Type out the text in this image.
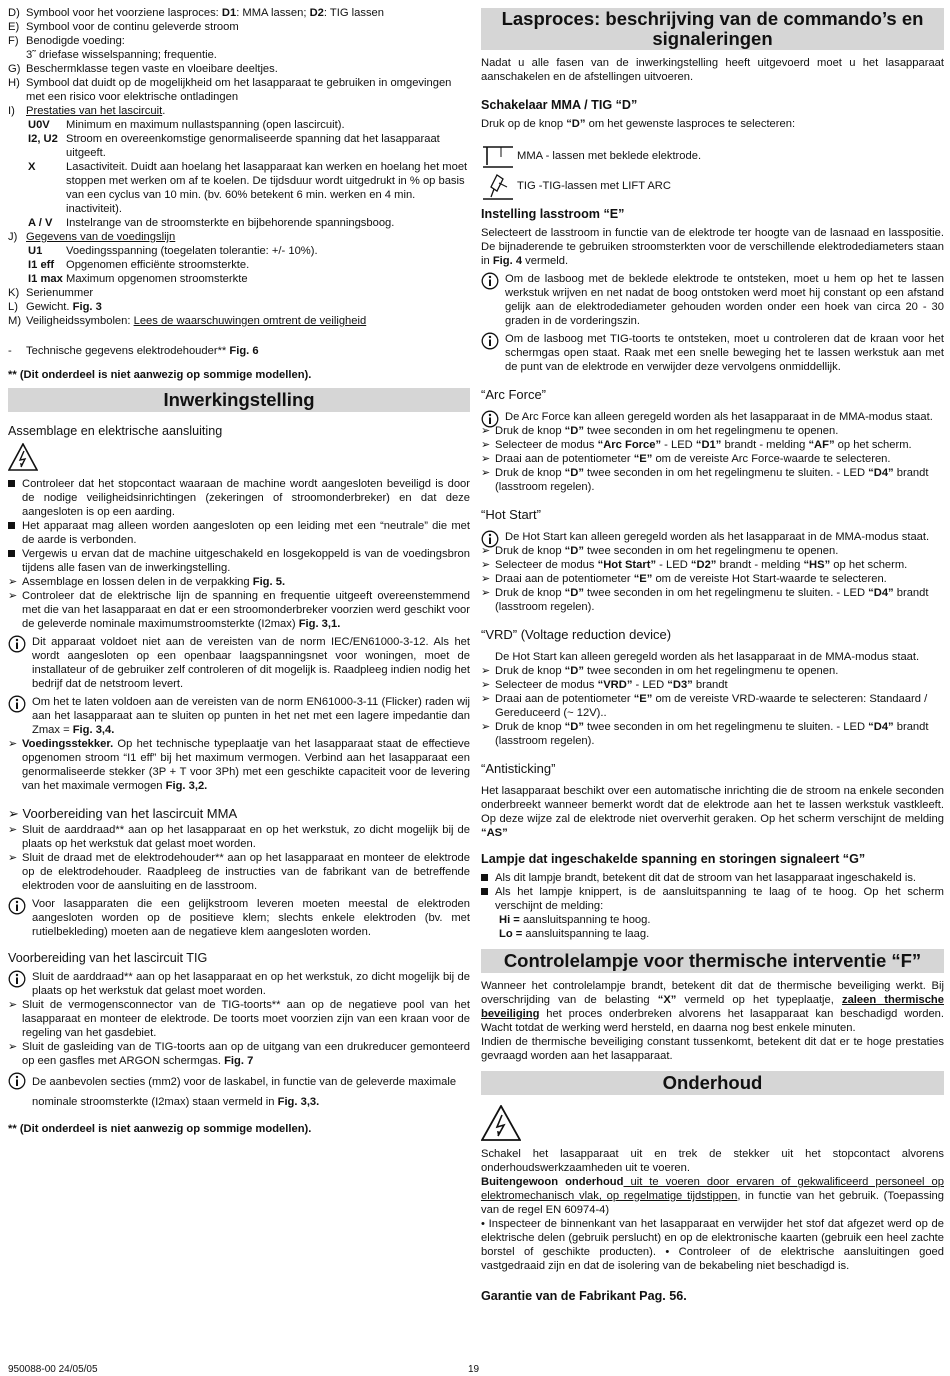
D) Symbool voor het voorziene lasproces: D1: MMA lassen; D2: TIG lassen

E) Symbool voor de continu geleverde stroom

F) Benodigde voeding:
3˜ driefase wisselspanning; frequentie.

G) Beschermklasse tegen vaste en vloeibare deeltjes.

H) Symbool dat duidt op de mogelijkheid om het lasapparaat te gebruiken in omgevingen met een risico voor elektrische ontladingen

I) Prestaties van het lascircuit.

U0V Minimum en maximum nullastspanning (open lascircuit).

I2, U2 Stroom en overeenkomstige genormaliseerde spanning dat het lasapparaat uitgeeft.

X	Lasactiviteit. Duidt aan hoelang het lasapparaat kan werken en hoelang het moet stoppen met werken om af te koelen. De tijdsduur wordt uitgedrukt in % op basis van een cyclus van 10 min. (bv. 60% betekent 6 min. werken en 4 min. inactiviteit).

A / V Instelrange van de stroomsterkte en bijbehorende spanningsboog.

J) Gegevens van de voedingslijn

U1 Voedingsspanning (toegelaten tolerantie: +/- 10%).

I1 eff Opgenomen efficiënte stroomsterkte.

I1 max Maximum opgenomen stroomsterkte

K) Serienummer

L) Gewicht. Fig. 3

M) Veiligheidssymbolen: Lees de waarschuwingen omtrent de veiligheid

- Technische gegevens elektrodehouder** Fig. 6

** (Dit onderdeel is niet aanwezig op sommige modellen).

Inwerkingstelling
Assemblage en elektrische aansluiting

Controleer dat het stopcontact waaraan de machine wordt aangesloten beveiligd is door de nodige veiligheidsinrichtingen (zekeringen of stroomonderbreker) en dat deze aangesloten is op een aarding.

Het apparaat mag alleen worden aangesloten op een leiding met een “neutrale” die met de aarde is verbonden.

Vergewis u ervan dat de machine uitgeschakeld en losgekoppeld is van de voedingsbron tijdens alle fasen van de inwerkingstelling.

➢ Assemblage en lossen delen in de verpakking Fig. 5.

➢ Controleer dat de elektrische lijn de spanning en frequentie uitgeeft overeenstemmend met die van het lasapparaat en dat er een stroomonderbreker voorzien werd geschikt voor de geleverde nominale maximumstroomsterkte (I2max) Fig. 3,1.

Dit apparaat voldoet niet aan de vereisten van de norm IEC/EN61000-3-12. Als het wordt aangesloten op een openbaar laagspanningsnet voor woningen, moet de installateur of de gebruiker zelf controleren of dit mogelijk is. Raadpleeg indien nodig het bedrijf dat de netstroom levert.

Om het te laten voldoen aan de vereisten van de norm EN61000-3-11 (Flicker) raden wij aan het lasapparaat aan te sluiten op punten in het net met een lagere impedantie dan Zmax = Fig. 3,4.

➢ Voedingsstekker. Op het technische typeplaatje van het lasapparaat staat de effectieve opgenomen stroom “I1 eff” bij het maximum vermogen. Verbind aan het lasapparaat een genormaliseerde stekker (3P + T voor 3Ph) met een geschikte capaciteit voor de levering van het maximale vermogen Fig. 3,2.

➢ Voorbereiding van het lascircuit MMA

➢ Sluit de aarddraad** aan op het lasapparaat en op het werkstuk, zo dicht mogelijk bij de plaats op het werkstuk dat gelast moet worden.

➢ Sluit de draad met de elektrodehouder** aan op het lasapparaat en monteer de elektrode op de elektrodehouder. Raadpleeg de instructies van de fabrikant van de betreffende elektroden voor de aansluiting en de lasstroom.

Voor lasapparaten die een gelijkstroom leveren moeten meestal de elektroden aangesloten worden op de positieve klem; slechts enkele elektroden (bv. met rutielbekleding) moeten aan de negatieve klem aangesloten worden.

Voorbereiding van het lascircuit TIG

Sluit de aarddraad** aan op het lasapparaat en op het werkstuk, zo dicht mogelijk bij de plaats op het werkstuk dat gelast moet worden.

➢ Sluit de vermogensconnector van de TIG-toorts** aan op de negatieve pool van het lasapparaat en monteer de elektrode. De toorts moet voorzien zijn van een kraan voor de regeling van het gasdebiet.

➢ Sluit de gasleiding van de TIG-toorts aan op de uitgang van een drukreducer gemonteerd op een gasfles met ARGON schermgas. Fig. 7

De aanbevolen secties (mm2) voor de laskabel, in functie van de geleverde maximale nominale stroomsterkte (I2max) staan vermeld in Fig. 3,3.

** (Dit onderdeel is niet aanwezig op sommige modellen).

Lasproces: beschrijving van de commando’s en signaleringen

Nadat u alle fasen van de inwerkingstelling heeft uitgevoerd moet u het lasapparaat aanschakelen en de afstellingen uitvoeren.

Schakelaar MMA / TIG “D”

Druk op de knop “D” om het gewenste lasproces te selecteren:

MMA - lassen met beklede elektrode.
TIG -TIG-lassen met LIFT ARC
Instelling lasstroom “E”

Selecteert de lasstroom in functie van de elektrode ter hoogte van de lasnaad en lasspositie. De bijnaderende te gebruiken stroomsterkten voor de verschillende elektrodediameters staan in Fig. 4 vermeld.

Om de lasboog met de beklede elektrode te ontsteken, moet u hem op het te lassen werkstuk wrijven en net nadat de boog ontstoken werd moet hij constant op een afstand gelijk aan de elektrodediameter gehouden worden onder een hoek van circa 20 - 30 graden in de vorderingszin.

Om de lasboog met TIG-toorts te ontsteken, moet u controleren dat de kraan voor het schermgas open staat. Raak met een snelle beweging het te lassen werkstuk aan met de punt van de elektrode en verwijder deze vervolgens onmiddellijk.

“Arc Force”

De Arc Force kan alleen geregeld worden als het lasapparaat in de MMA-modus staat.

➢ Druk de knop “D” twee seconden in om het regelingmenu te openen.

➢ Selecteer de modus “Arc Force” - LED “D1” brandt - melding “AF” op het scherm.

➢ Draai aan de potentiometer “E” om de vereiste Arc Force-waarde te selecteren.

➢ Druk de knop “D” twee seconden in om het regelingmenu te sluiten. - LED “D4” brandt (lasstroom regelen).

“Hot Start”

De Hot Start kan alleen geregeld worden als het lasapparaat in de MMA-modus staat.

➢ Druk de knop “D” twee seconden in om het regelingmenu te openen.

➢ Selecteer de modus “Hot Start” - LED “D2” brandt - melding “HS” op het scherm.

➢ Draai aan de potentiometer “E” om de vereiste Hot Start-waarde te selecteren.

➢ Druk de knop “D” twee seconden in om het regelingmenu te sluiten. - LED “D4” brandt (lasstroom regelen).

“VRD” (Voltage reduction device)

De Hot Start kan alleen geregeld worden als het lasapparaat in de MMA-modus staat.

➢ Druk de knop “D” twee seconden in om het regelingmenu te openen.

➢ Selecteer de modus “VRD” - LED “D3” brandt

➢ Draai aan de potentiometer “E” om de vereiste VRD-waarde te selecteren: Standaard / Gereduceerd (~ 12V)..

➢ Druk de knop “D” twee seconden in om het regelingmenu te sluiten. - LED “D4” brandt (lasstroom regelen).

“Antisticking”

Het lasapparaat beschikt over een automatische inrichting die de stroom na enkele seconden onderbreekt wanneer bemerkt wordt dat de elektrode aan het te lassen werkstuk vastkleeft. Op deze wijze zal de elektrode niet oververhit geraken. Op het scherm verschijnt de melding “AS”

Lampje dat ingeschakelde spanning en storingen signaleert “G”

Als dit lampje brandt, betekent dit dat de stroom van het lasapparaat ingeschakeld is.

Als het lampje knippert, is de aansluitspanning te laag of te hoog. Op het scherm verschijnt de melding:

Hi = aansluitspanning te hoog.

Lo = aansluitspanning te laag.

Controlelampje voor thermische interventie “F”

Wanneer het controlelampje brandt, betekent dit dat de thermische beveiliging werkt. Bij overschrijding van de belasting “X” vermeld op het typeplaatje, zaleen thermische beveiliging het proces onderbreken alvorens het lasapparaat kan beschadigd worden. Wacht totdat de werking werd hersteld, en daarna nog best enkele minuten.

Indien de thermische beveiliging constant tussenkomt, betekent dit dat er te hoge prestaties gevraagd worden aan het lasapparaat.

Onderhoud

Schakel het lasapparaat uit en trek de stekker uit het stopcontact alvorens onderhoudswerkzaamheden uit te voeren.

Buitengewoon onderhoud uit te voeren door ervaren of gekwalificeerd personeel op elektromechanisch vlak, op regelmatige tijdstippen, in functie van het gebruik. (Toepassing van de regel EN 60974-4)

• Inspecteer de binnenkant van het lasapparaat en verwijder het stof dat afgezet werd op de elektrische delen (gebruik perslucht) en op de elektronische kaarten (gebruik een heel zachte borstel of geschikte producten). • Controleer of de elektrische aansluitingen goed vastgedraaid zijn en dat de isolering van de bekabeling niet beschadigd is.

Garantie van de Fabrikant Pag. 56.

950088-00 24/05/05	19
